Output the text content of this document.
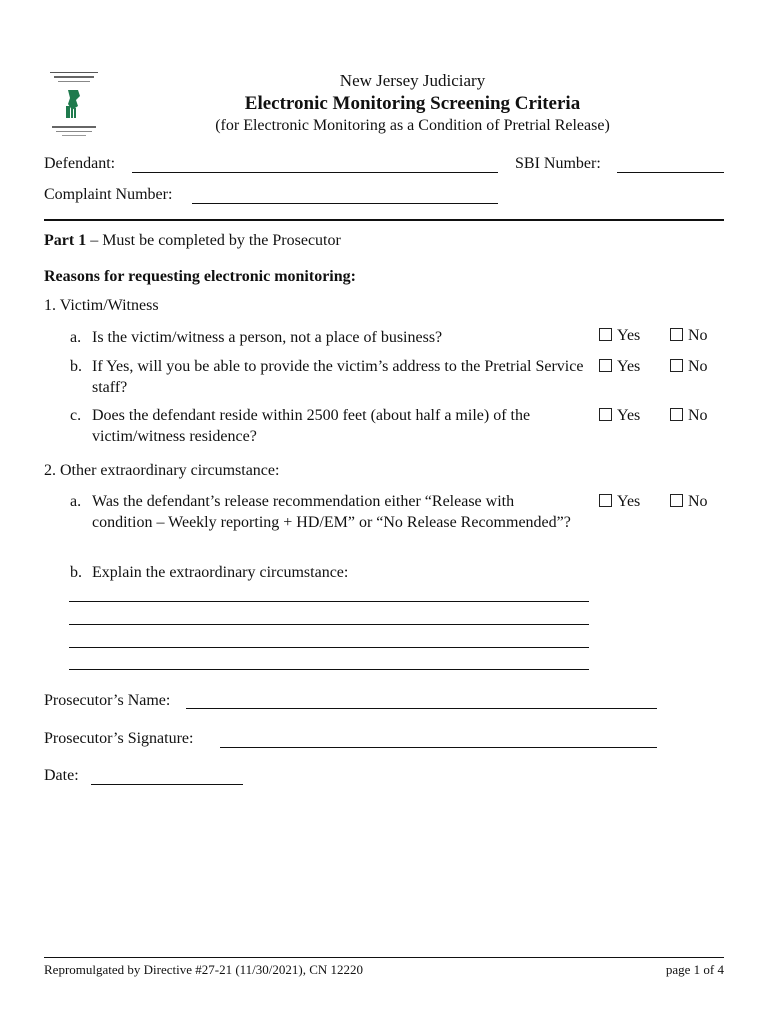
New Jersey Judiciary
Electronic Monitoring Screening Criteria
(for Electronic Monitoring as a Condition of Pretrial Release)
Defendant:	SBI Number:
Complaint Number:
Part 1 – Must be completed by the Prosecutor
Reasons for requesting electronic monitoring:
1. Victim/Witness
a. Is the victim/witness a person, not a place of business?	Yes	No
b. If Yes, will you be able to provide the victim’s address to the Pretrial Service staff?
Yes	No
c. Does the defendant reside within 2500 feet (about half a mile) of the victim/witness residence?
Yes	No
2. Other extraordinary circumstance:
a. Was the defendant’s release recommendation either “Release with condition – Weekly reporting + HD/EM” or “No Release Recommended”?
Yes	No
b. Explain the extraordinary circumstance:
Prosecutor’s Name:
Prosecutor’s Signature:
Date:
Repromulgated by Directive #27-21 (11/30/2021), CN 12220	page 1 of 4
